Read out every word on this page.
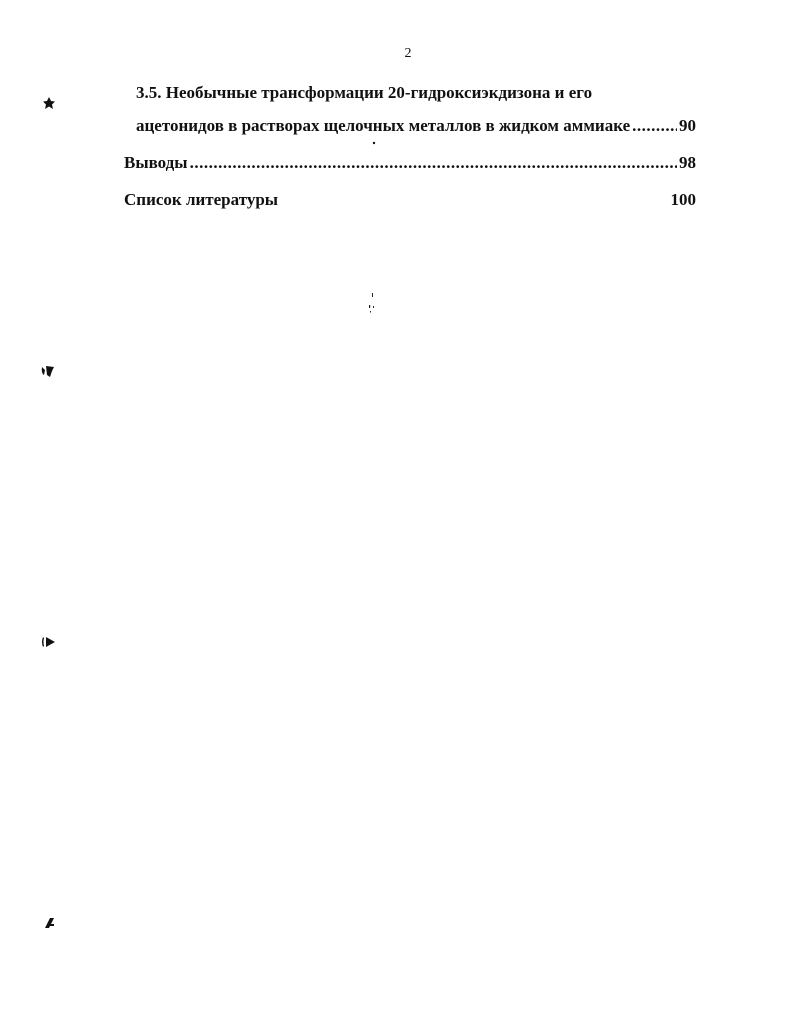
2
3.5. Необычные трансформации 20-гидроксиэкдизона и его
ацетонидов в растворах щелочных металлов в жидком аммиаке .....	90
Выводы .....	98
Список литературы	100
